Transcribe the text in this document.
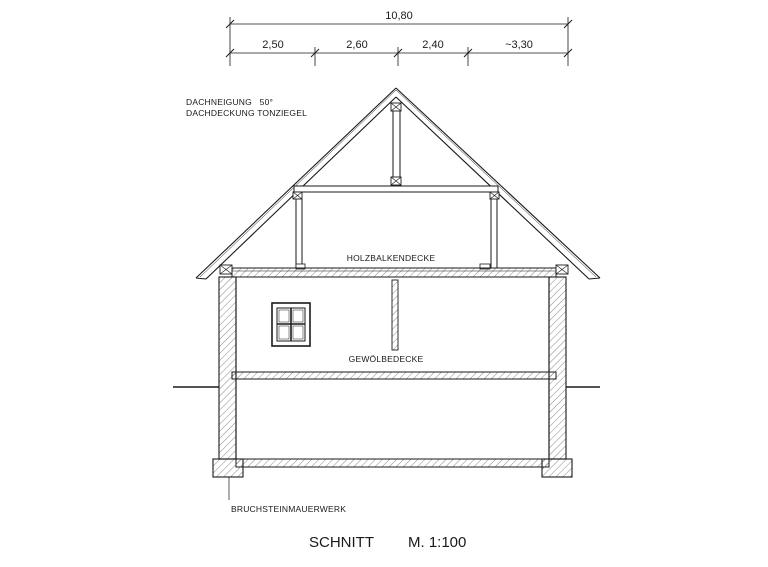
10,80
2,50	2,60	2,40	~3,30
DACHNEIGUNG   50°
DACHDECKUNG TONZIEGEL
HOLZBALKENDECKE
GEWÖLBEDECKE
BRUCHSTEINMAUERWERK
SCHNITT M. 1:100
